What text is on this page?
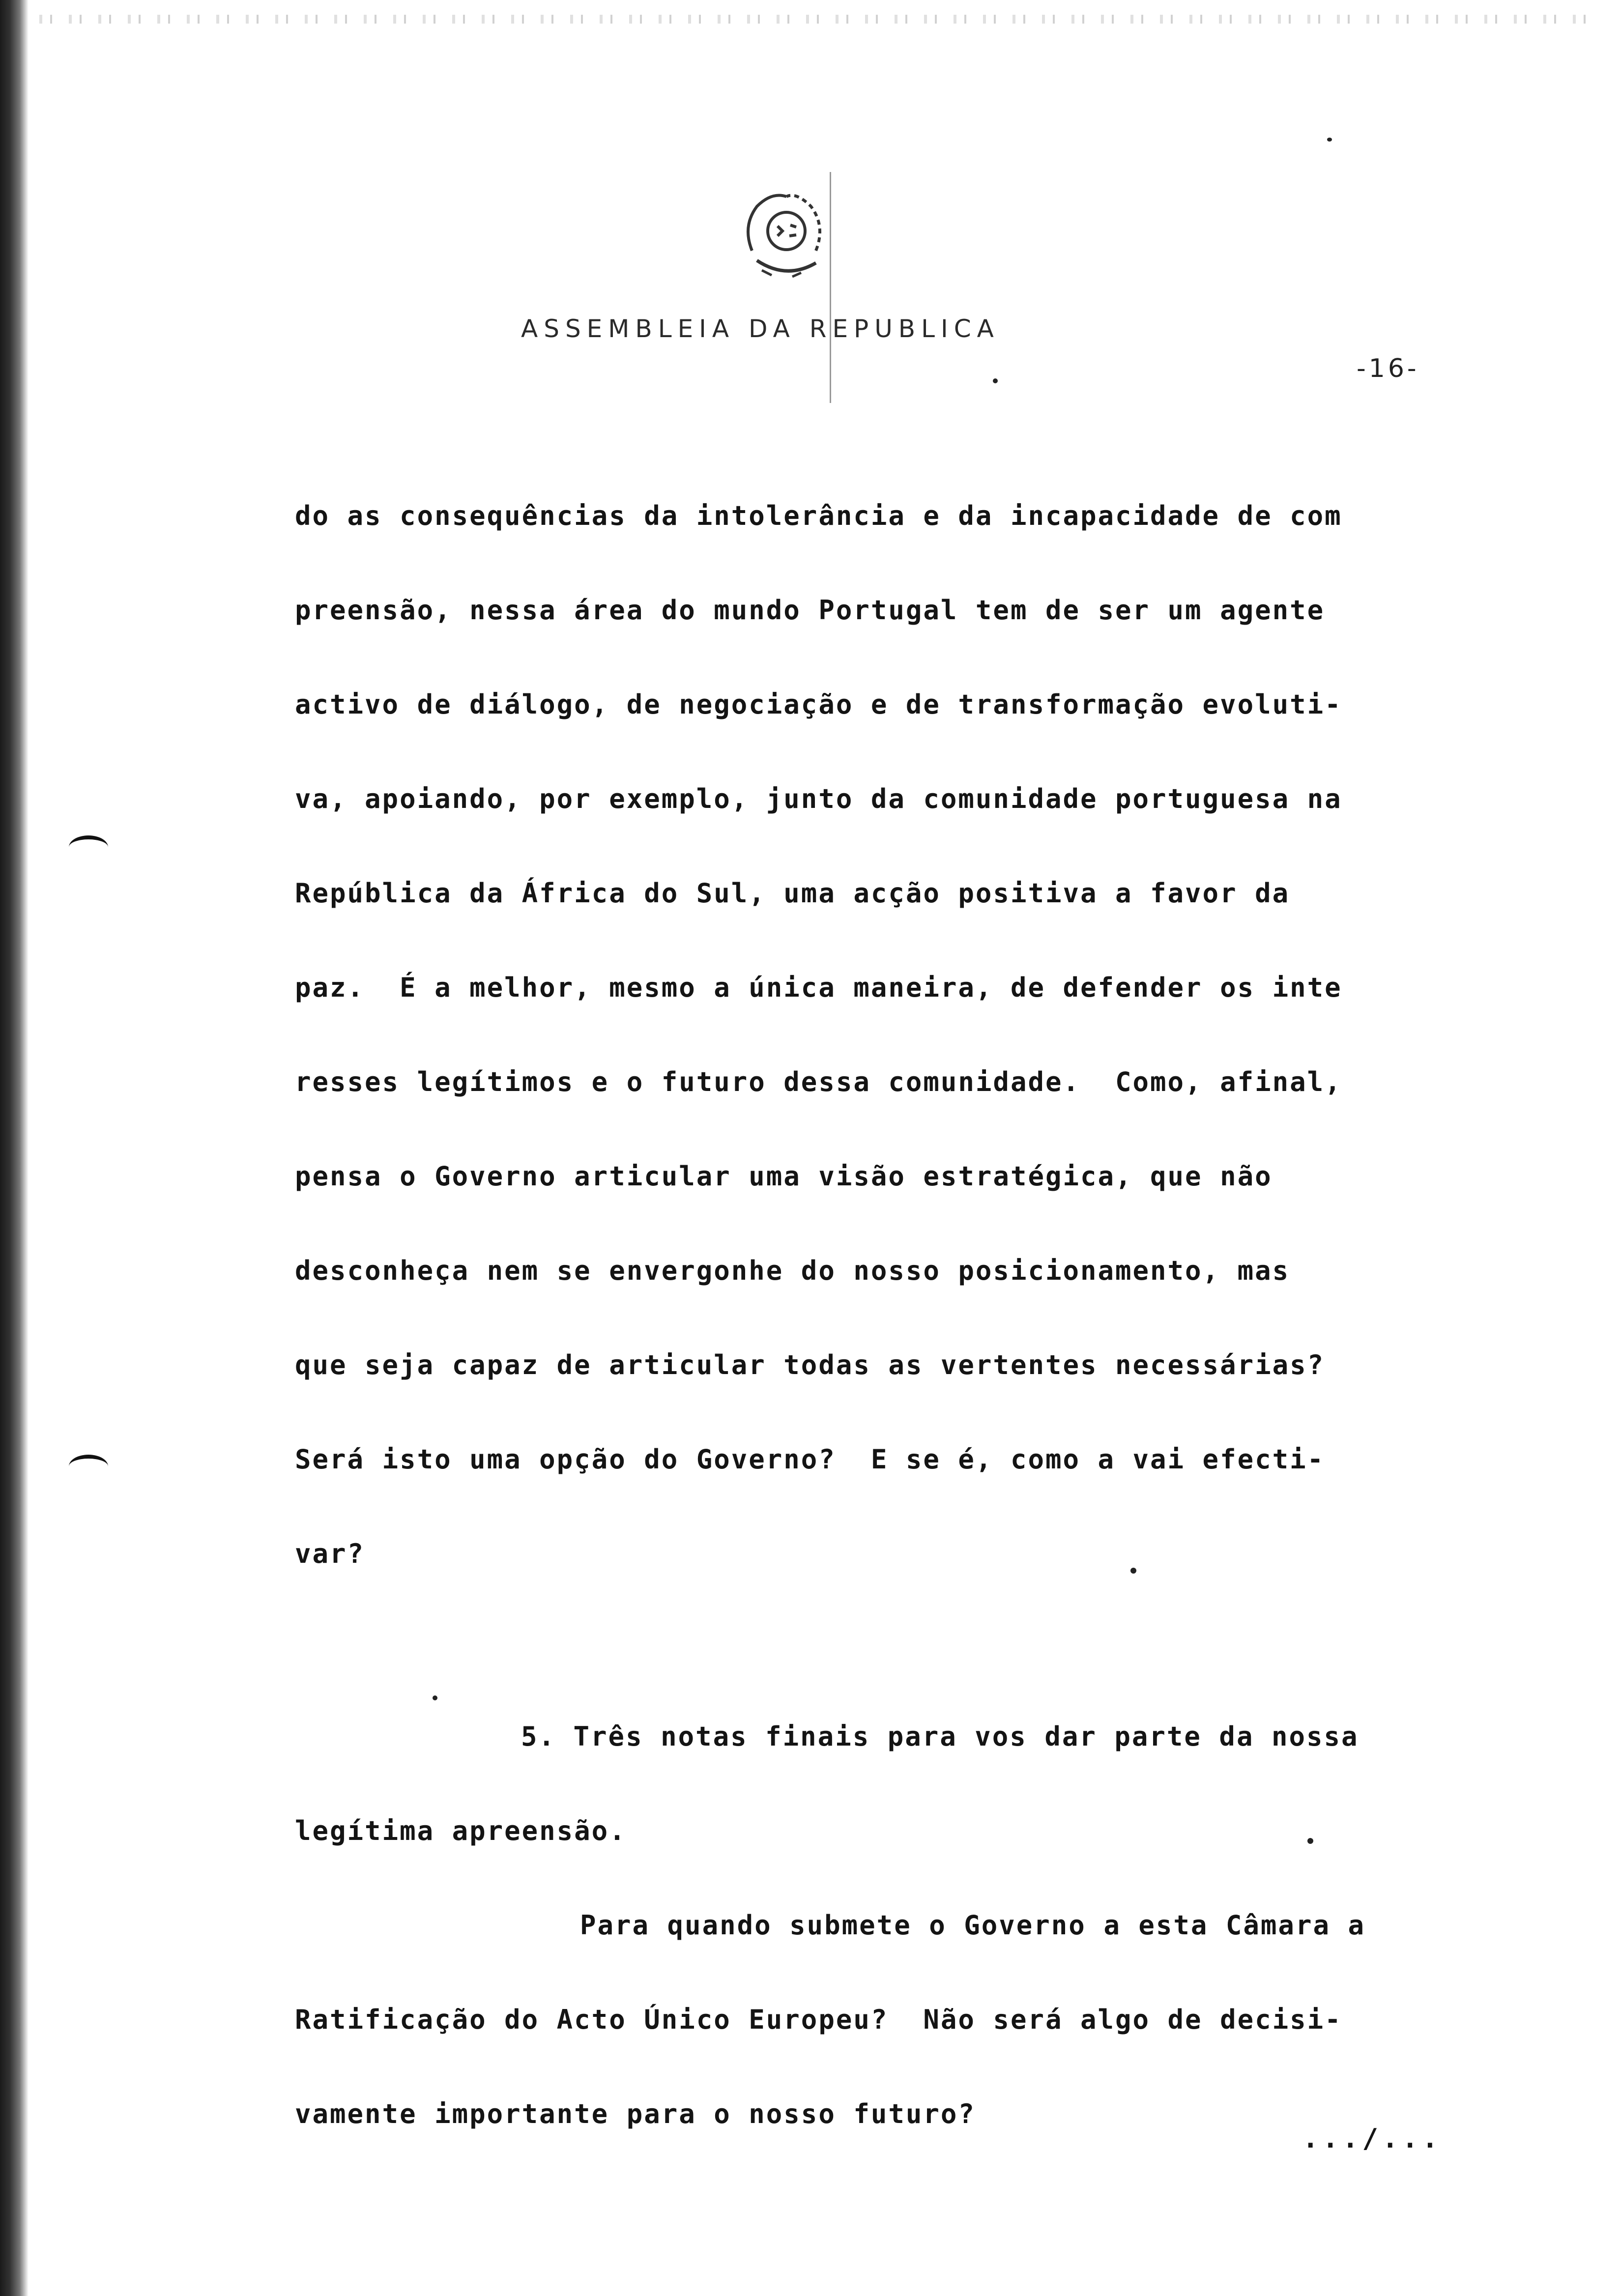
ASSEMBLEIA DA REPUBLICA
-16-
do as consequências da intolerância e da incapacidade de com
preensão, nessa área do mundo Portugal tem de ser um agente
activo de diálogo, de negociação e de transformação evoluti-
va, apoiando, por exemplo, junto da comunidade portuguesa na
República da África do Sul, uma acção positiva a favor da
paz.  É a melhor, mesmo a única maneira, de defender os inte
resses legítimos e o futuro dessa comunidade.  Como, afinal,
pensa o Governo articular uma visão estratégica, que não
desconheça nem se envergonhe do nosso posicionamento, mas
que seja capaz de articular todas as vertentes necessárias?
Será isto uma opção do Governo?  E se é, como a vai efecti-
var?
5. Três notas finais para vos dar parte da nossa
legítima apreensão.
Para quando submete o Governo a esta Câmara a
Ratificação do Acto Único Europeu?  Não será algo de decisi-
vamente importante para o nosso futuro?
.../...
